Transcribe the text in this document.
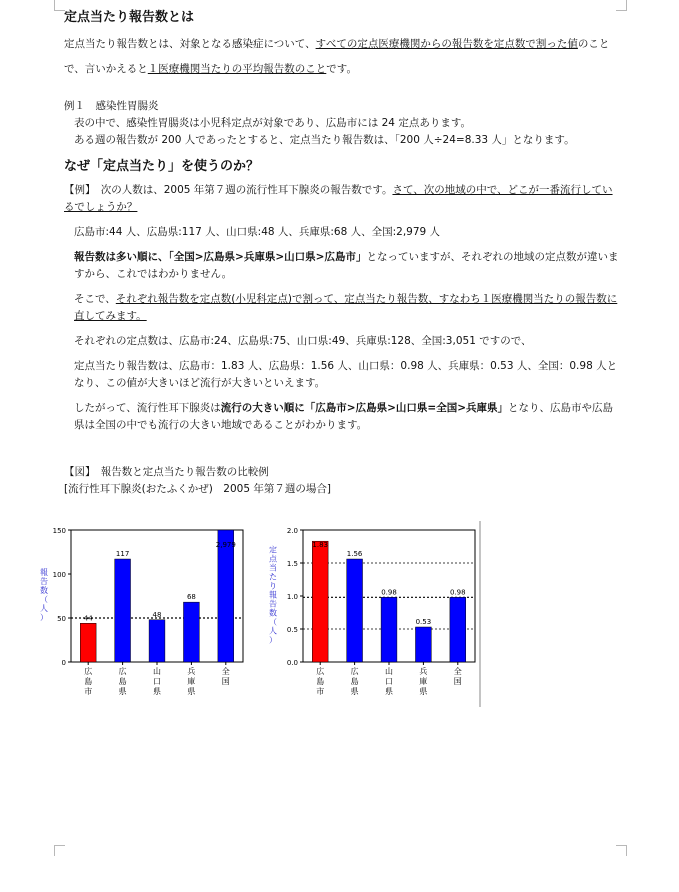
定点当たり報告数とは

定点当たり報告数とは、対象となる感染症について、すべての定点医療機関からの報告数を定点数で割った値のことで、言いかえると１医療機関当たりの平均報告数のことです。

例１　感染性胃腸炎

表の中で、感染性胃腸炎は小児科定点が対象であり、広島市には 24 定点あります。

ある週の報告数が 200 人であったとすると、定点当たり報告数は、「200 人÷24=8.33 人」となります。

なぜ「定点当たり」を使うのか？

【例】　次の人数は、2005 年第７週の流行性耳下腺炎の報告数です。さて、次の地域の中で、どこが一番流行しているでしょうか？

広島市:44 人、広島県:117 人、山口県:48 人、兵庫県:68 人、全国:2,979 人

報告数は多い順に、「全国>広島県>兵庫県>山口県>広島市」となっていますが、それぞれの地域の定点数が違いますから、これではわかりません。

そこで、それぞれ報告数を定点数(小児科定点)で割って、定点当たり報告数、すなわち１医療機関当たりの報告数に直してみます。

それぞれの定点数は、広島市:24、広島県:75、山口県:49、兵庫県:128、全国:3,051 ですので、

定点当たり報告数は、広島市：1.83 人、広島県：1.56 人、山口県：0.98 人、兵庫県：0.53 人、全国：0.98 人となり、この値が大きいほど流行が大きいといえます。

したがって、流行性耳下腺炎は流行の大きい順に「広島市>広島県>山口県=全国>兵庫県」となり、広島市や広島県は全国の中でも流行の大きい地域であることがわかります。

【図】　報告数と定点当たり報告数の比較例

[流行性耳下腺炎(おたふくかぜ)　2005 年第７週の場合]

0
50
100
150
44
広
島
市
117
広
島
県
48
山
口
県
68
兵
庫
県
2,979
全
国
報
告
数
（
人
）
0.0
0.5
1.0
1.5
2.0
1.83
広
島
市
1.56
広
島
県
0.98
山
口
県
0.53
兵
庫
県
0.98
全
国
定
点
当
た
り
報
告
数
（
人
）
